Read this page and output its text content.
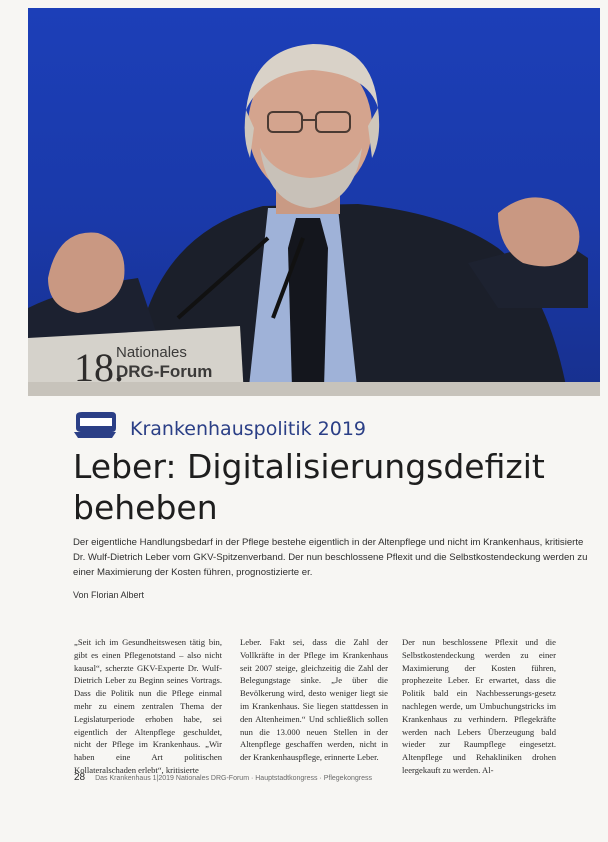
18.
Nationales
DRG-Forum
Krankenhauspolitik 2019
Leber: Digitalisierungsdefizit beheben

Der eigentliche Handlungsbedarf in der Pflege bestehe eigentlich in der Altenpflege und nicht im Krankenhaus, kritisierte Dr. Wulf-Dietrich Leber vom GKV-Spitzenverband. Der nun beschlossene Pflexit und die Selbstkostendeckung werden zu einer Maximierung der Kosten führen, prognostizierte er.

Von Florian Albert
„Seit ich im Gesundheitswesen tätig bin, gibt es einen Pflegenotstand – also nicht kausal“, scherzte GKV-Experte Dr. Wulf-Dietrich Leber zu Beginn seines Vortrags. Dass die Politik nun die Pflege einmal mehr zu einem zentralen Thema der Legislaturperiode erhoben habe, sei eigentlich der Altenpflege geschuldet, nicht der Pflege im Krankenhaus. „Wir haben eine Art politischen Kollateralschaden erlebt“, kritisierte
Leber. Fakt sei, dass die Zahl der Vollkräfte in der Pflege im Krankenhaus seit 2007 steige, gleichzeitig die Zahl der Belegungstage sinke. „Je über die Bevölkerung wird, desto weniger liegt sie im Krankenhaus. Sie liegen stattdessen in den Altenheimen.“ Und schließlich sollen nun die 13.000 neuen Stellen in der Altenpflege geschaffen werden, nicht in der Krankenhauspflege, erinnerte Leber.
Der nun beschlossene Pflexit und die Selbstkostendeckung werden zu einer Maximierung der Kosten führen, prophezeite Leber. Er erwartet, dass die Politik bald ein Nachbesserungs-gesetz nachlegen werde, um Umbuchungstricks im Krankenhaus zu verhindern. Pflegekräfte werden nach Lebers Überzeugung bald wieder zur Raumpflege eingesetzt. Altenpflege und Rehakliniken drohen leergekauft zu werden. Al-
28 Das Krankenhaus 1|2019 Nationales DRG-Forum · Hauptstadtkongress · Pflegekongress
